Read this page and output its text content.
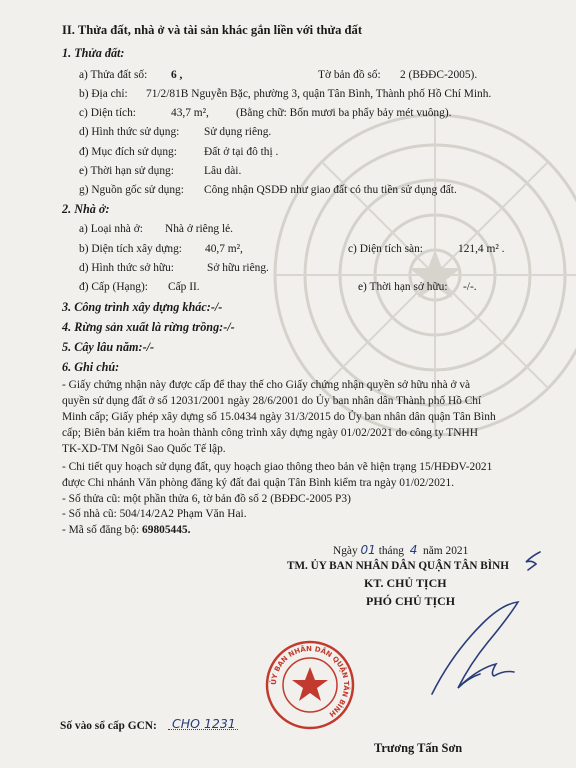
II. Thửa đất, nhà ở và tài sản khác gắn liền với thửa đất
1. Thửa đất:
a) Thửa đất số: 6 ,	Tờ bản đồ số: 2 (BĐĐC-2005).
b) Địa chỉ: 71/2/81B Nguyễn Bặc, phường 3, quận Tân Bình, Thành phố Hồ Chí Minh.
c) Diện tích:	43,7 m², (Bằng chữ: Bốn mươi ba phẩy bảy mét vuông).
d) Hình thức sử dụng: Sử dụng riêng.
đ) Mục đích sử dụng: Đất ở tại đô thị .
e) Thời hạn sử dụng:	Lâu dài.
g) Nguồn gốc sử dụng: Công nhận QSDĐ như giao đất có thu tiền sử dụng đất.
2. Nhà ở:
a) Loại nhà ở: Nhà ở riêng lẻ.
b) Diện tích xây dựng: 40,7 m²,	c) Diện tích sàn:	121,4 m² .
d) Hình thức sở hữu:	Sở hữu riêng.
đ) Cấp (Hạng): Cấp II.	e) Thời hạn sở hữu: -/-.
3. Công trình xây dựng khác:-/-
4. Rừng sản xuất là rừng trồng:-/-
5. Cây lâu năm:-/-
6. Ghi chú:
- Giấy chứng nhận này được cấp để thay thế cho Giấy chứng nhận quyền sở hữu nhà ở và
quyền sử dụng đất ở số 12031/2001 ngày 28/6/2001 do Ủy ban nhân dân Thành phố Hồ Chí
Minh cấp; Giấy phép xây dựng số 15.0434 ngày 31/3/2015 do Ủy ban nhân dân quận Tân Bình
cấp; Biên bản kiểm tra hoàn thành công trình xây dựng ngày 01/02/2021 do công ty TNHH
TK-XD-TM Ngôi Sao Quốc Tế lập.
- Chi tiết quy hoạch sử dụng đất, quy hoạch giao thông theo bản vẽ hiện trạng 15/HĐĐV-2021
được Chi nhánh Văn phòng đăng ký đất đai quận Tân Bình kiểm tra ngày 01/02/2021.
- Số thửa cũ: một phần thửa 6, tờ bản đồ số 2 (BĐĐC-2005 P3)
- Số nhà cũ: 504/14/2A2 Phạm Văn Hai.
- Mã số đăng bộ: 69805445.
Ngày 01 tháng 4 năm 2021
TM. ỦY BAN NHÂN DÂN QUẬN TÂN BÌNH
KT. CHỦ TỊCH
PHÓ CHỦ TỊCH
ỦY BAN NHÂN DÂN QUẬN TÂN BÌNH
Số vào sổ cấp GCN: CHO 1231
Trương Tấn Sơn
